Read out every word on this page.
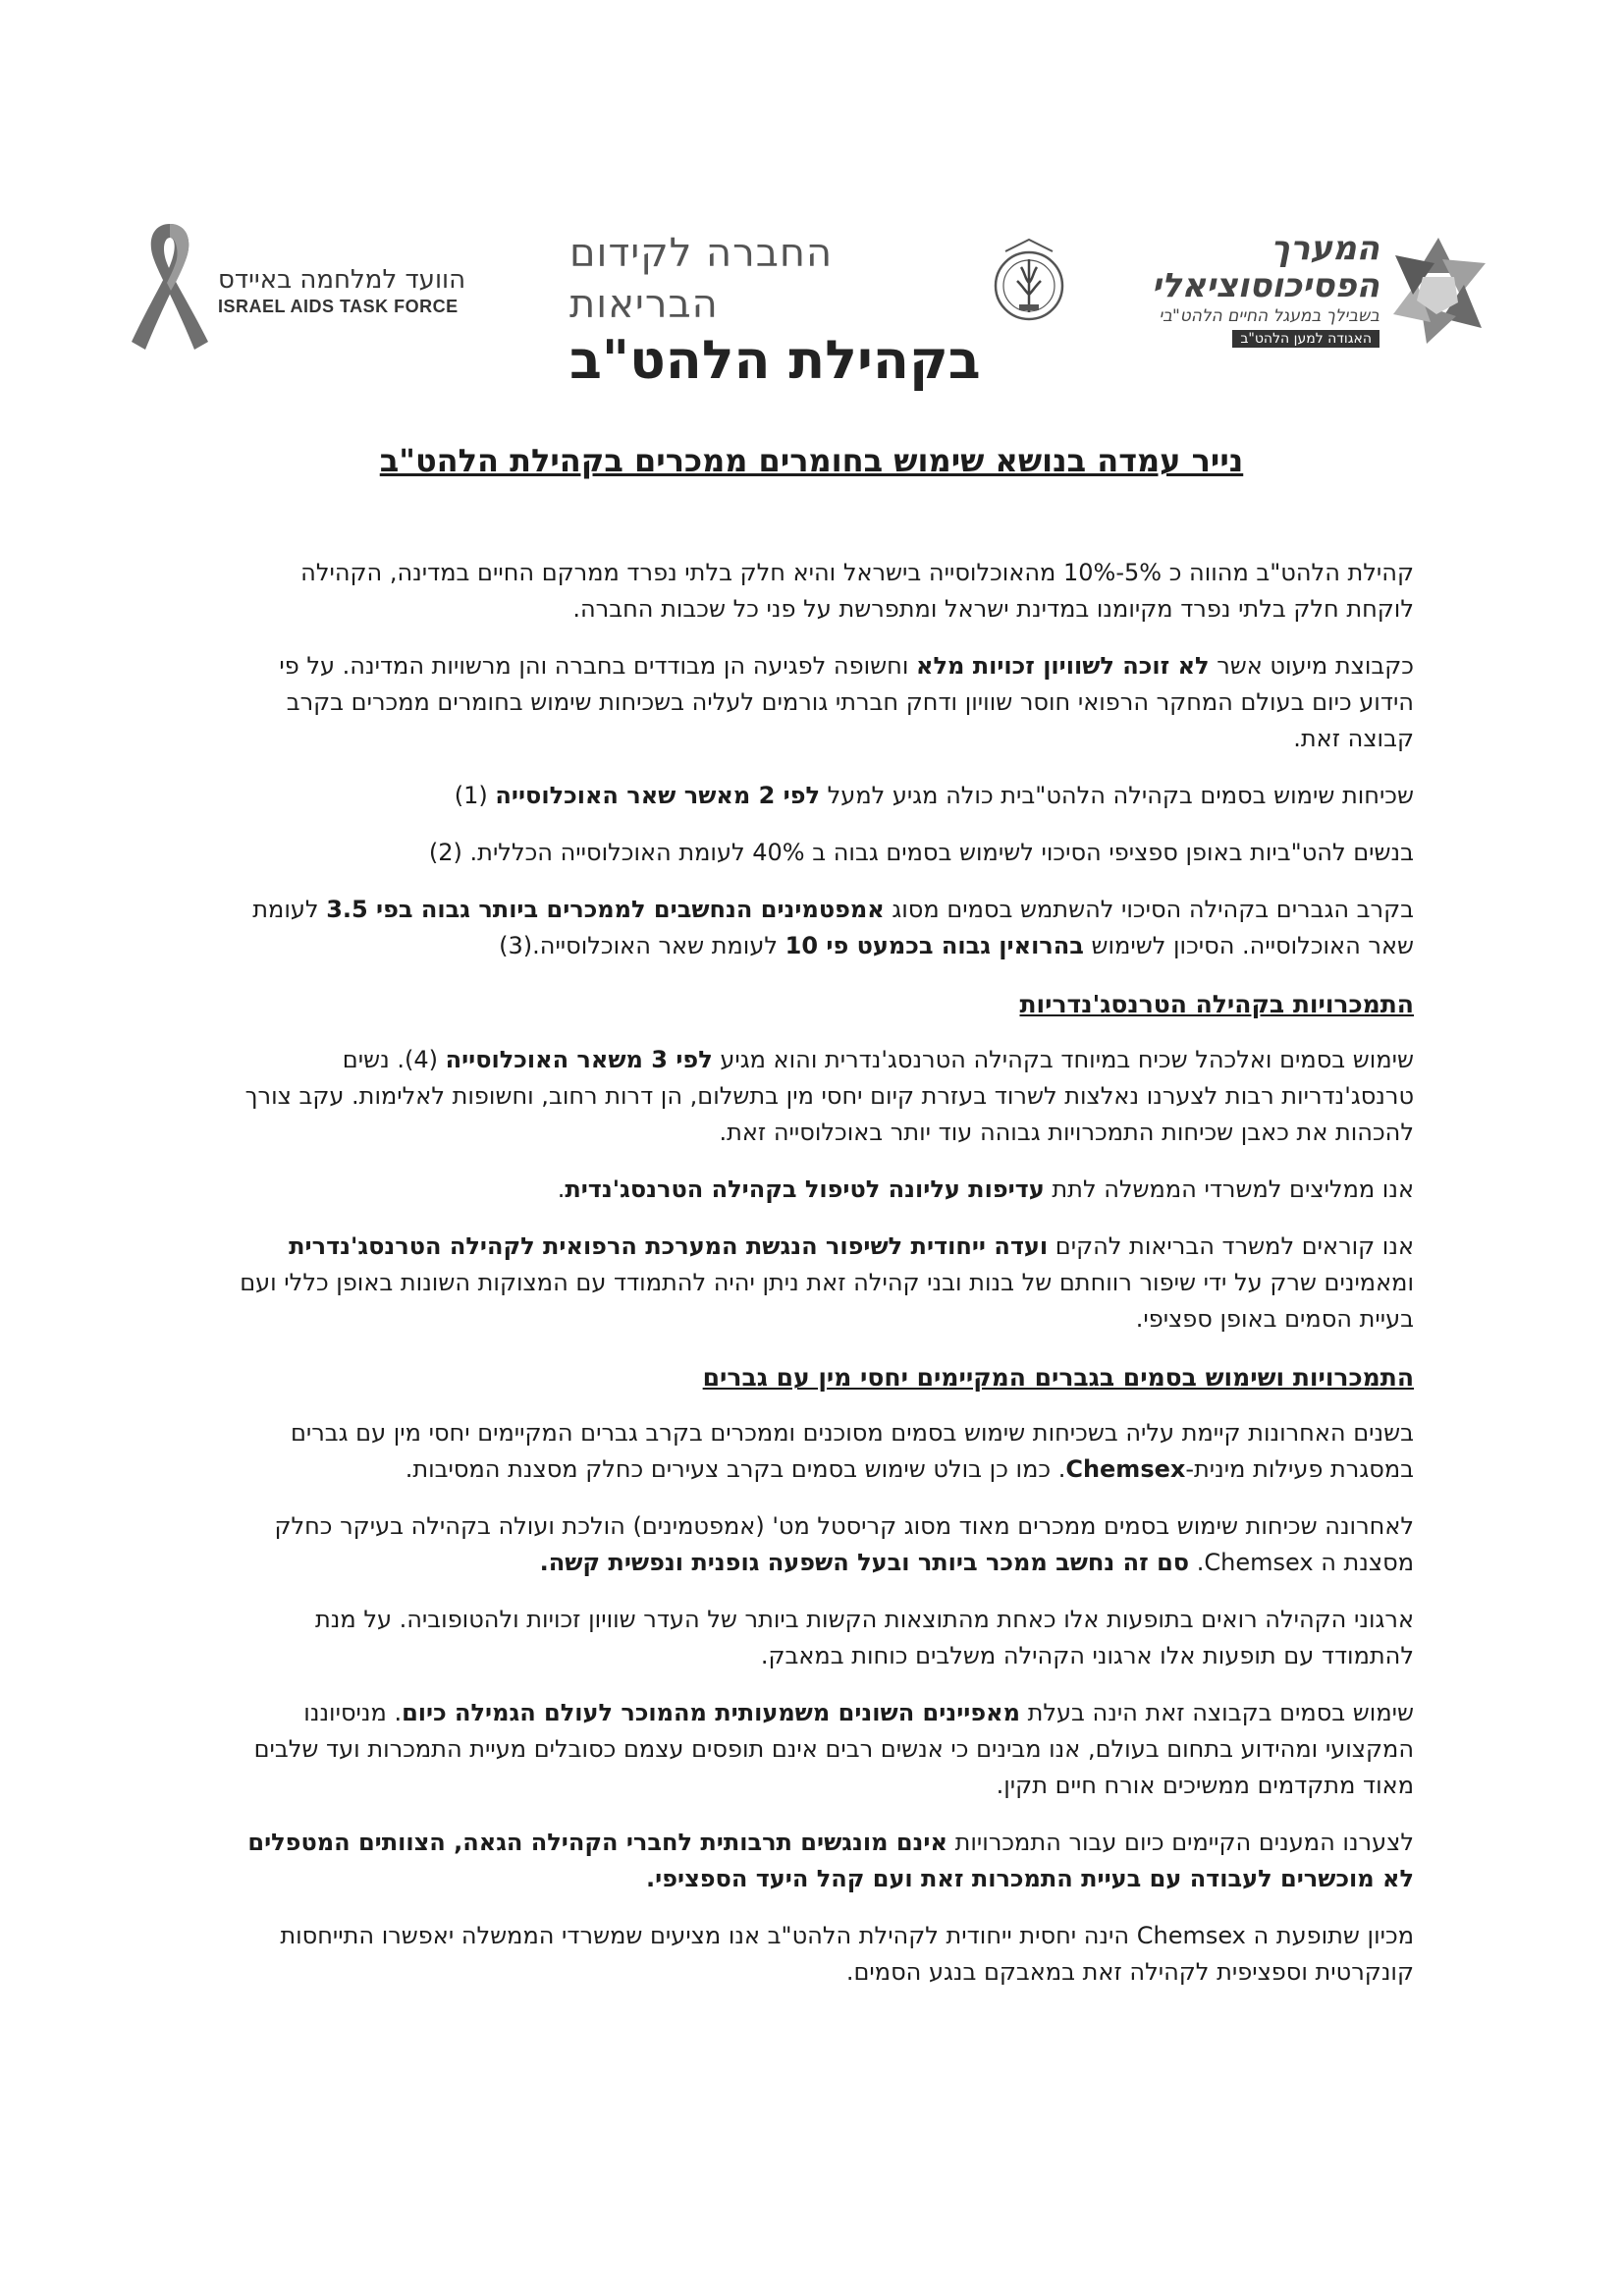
הוועד למלחמה באיידס
ISRAEL AIDS TASK FORCE
החברה לקידום הבריאות
בקהילת הלהט"ב
המערך
הפסיכוסוציאלי
בשבילך במעגל החיים הלהט"בי
האגודה למען הלהט"ב
נייר עמדה בנושא שימוש בחומרים ממכרים בקהילת הלהט"ב

קהילת הלהט"ב מהווה כ 5%-10% מהאוכלוסייה בישראל והיא חלק בלתי נפרד ממרקם החיים במדינה, הקהילה לוקחת חלק בלתי נפרד מקיומנו במדינת ישראל ומתפרשת על פני כל שכבות החברה.

כקבוצת מיעוט אשר לא זוכה לשוויון זכויות מלא וחשופה לפגיעה הן מבודדים בחברה והן מרשויות המדינה. על פי הידוע כיום בעולם המחקר הרפואי חוסר שוויון ודחק חברתי גורמים לעליה בשכיחות שימוש בחומרים ממכרים בקרב קבוצה זאת.

שכיחות שימוש בסמים בקהילה הלהט"בית כולה מגיע למעל לפי 2 מאשר שאר האוכלוסייה (1)

בנשים להט"ביות באופן ספציפי הסיכוי לשימוש בסמים גבוה ב 40% לעומת האוכלוסייה הכללית. (2)

בקרב הגברים בקהילה הסיכוי להשתמש בסמים מסוג אמפטמינים הנחשבים לממכרים ביותר גבוה בפי 3.5 לעומת שאר האוכלוסייה. הסיכון לשימוש בהרואין גבוה בכמעט פי 10 לעומת שאר האוכלוסייה.(3)

התמכרויות בקהילה הטרנסג'נדריות

שימוש בסמים ואלכהל שכיח במיוחד בקהילה הטרנסג'נדרית והוא מגיע לפי 3 משאר האוכלוסייה (4). נשים טרנסג'נדריות רבות לצערנו נאלצות לשרוד בעזרת קיום יחסי מין בתשלום, הן דרות רחוב, וחשופות לאלימות. עקב צורך להכהות את כאבן שכיחות התמכרויות גבוהה עוד יותר באוכלוסייה זאת.

אנו ממליצים למשרדי הממשלה לתת עדיפות עליונה לטיפול בקהילה הטרנסג'נדית.

אנו קוראים למשרד הבריאות להקים ועדה ייחודית לשיפור הנגשת המערכת הרפואית לקהילה הטרנסג'נדרית ומאמינים שרק על ידי שיפור רווחתם של בנות ובני קהילה זאת ניתן יהיה להתמודד עם המצוקות השונות באופן כללי ועם בעיית הסמים באופן ספציפי.

התמכרויות ושימוש בסמים בגברים המקיימים יחסי מין עם גברים

בשנים האחרונות קיימת עליה בשכיחות שימוש בסמים מסוכנים וממכרים בקרב גברים המקיימים יחסי מין עם גברים במסגרת פעילות מינית-Chemsex. כמו כן בולט שימוש בסמים בקרב צעירים כחלק מסצנת המסיבות.

לאחרונה שכיחות שימוש בסמים ממכרים מאוד מסוג קריסטל מט' (אמפטמינים) הולכת ועולה בקהילה בעיקר כחלק מסצנת ה Chemsex. סם זה נחשב ממכר ביותר ובעל השפעה גופנית ונפשית קשה.

ארגוני הקהילה רואים בתופעות אלו כאחת מהתוצאות הקשות ביותר של העדר שוויון זכויות ולהטופוביה. על מנת להתמודד עם תופעות אלו ארגוני הקהילה משלבים כוחות במאבק.

שימוש בסמים בקבוצה זאת הינה בעלת מאפיינים השונים משמעותית מהמוכר לעולם הגמילה כיום. מניסיוננו המקצועי ומהידוע בתחום בעולם, אנו מבינים כי אנשים רבים אינם תופסים עצמם כסובלים מעיית התמכרות ועד שלבים מאוד מתקדמים ממשיכים אורח חיים תקין.

לצערנו המענים הקיימים כיום עבור התמכרויות אינם מונגשים תרבותית לחברי הקהילה הגאה, הצוותים המטפלים לא מוכשרים לעבודה עם בעיית התמכרות זאת ועם קהל היעד הספציפי.

מכיון שתופעת ה Chemsex הינה יחסית ייחודית לקהילת הלהט"ב אנו מציעים שמשרדי הממשלה יאפשרו התייחסות קונקרטית וספציפית לקהילה זאת במאבקם בנגע הסמים.
